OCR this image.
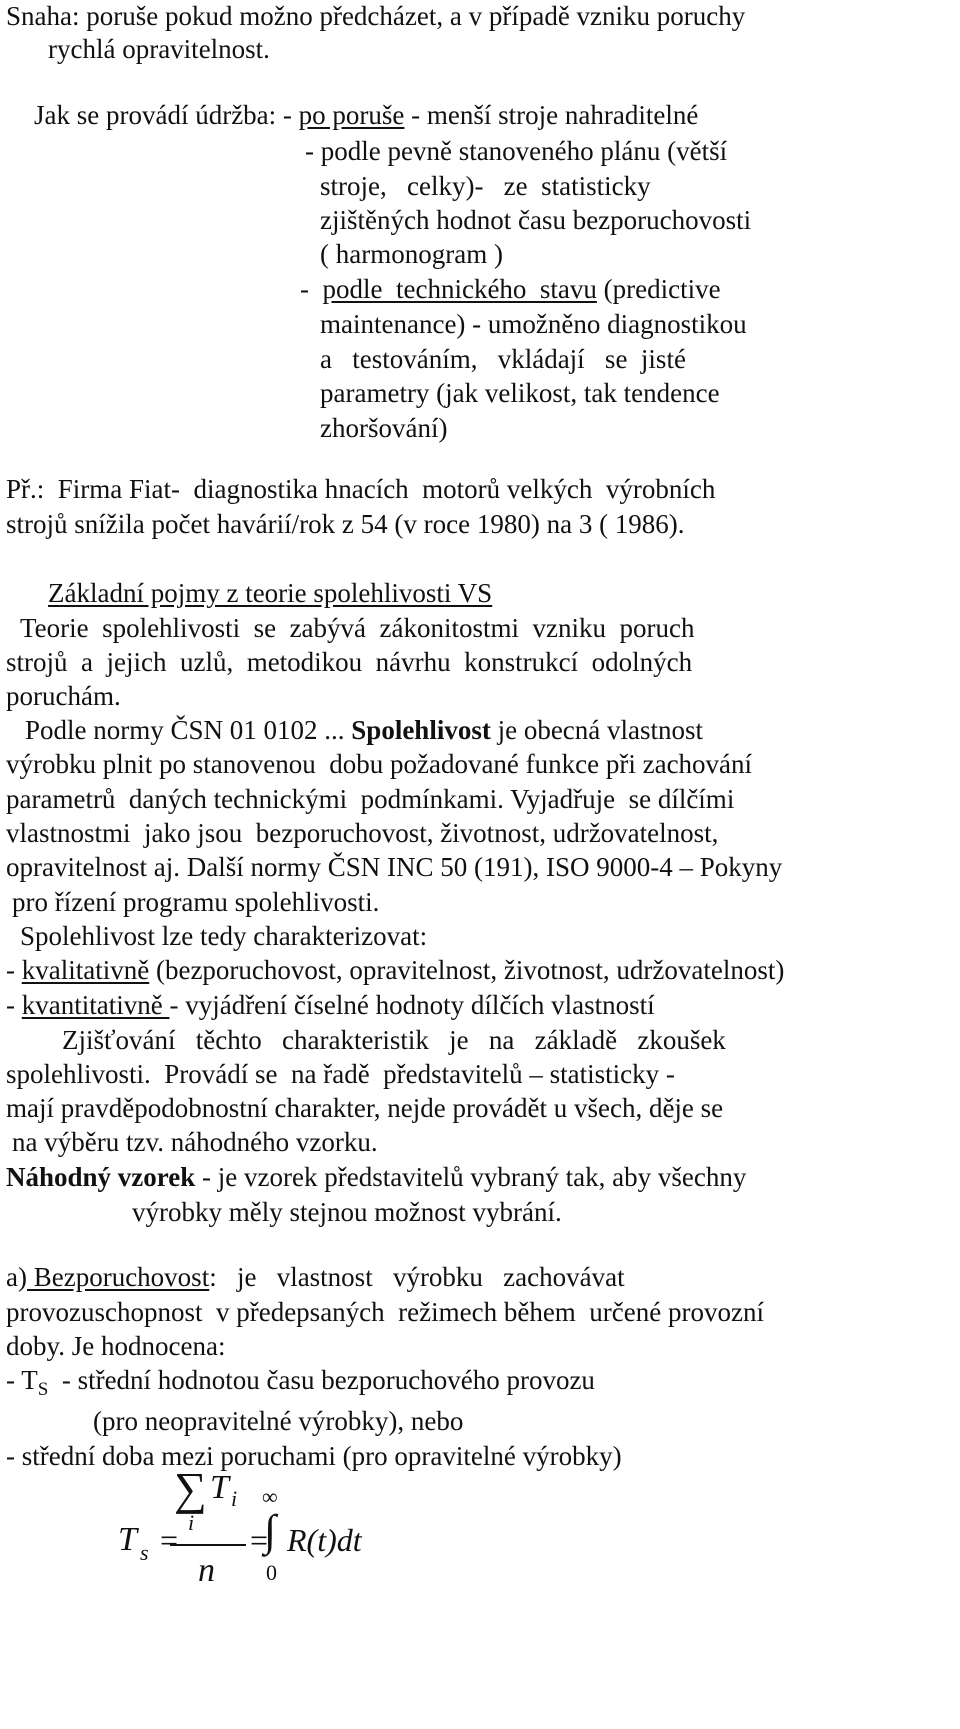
Snaha: poruše pokud možno předcházet, a v případě vzniku poruchy
rychlá opravitelnost.
Jak se provádí údržba: - po poruše - menší stroje nahraditelné
- podle pevně stanoveného plánu (větší
stroje,   celky)-   ze  statisticky
zjištěných hodnot času bezporuchovosti
( harmonogram )
-  podle  technického  stavu (predictive
maintenance) - umožněno diagnostikou
a   testováním,   vkládají   se  jisté
parametry (jak velikost, tak tendence
zhoršování)
Př.:  Firma Fiat-  diagnostika hnacích  motorů velkých  výrobních
strojů snížila počet havárií/rok z 54 (v roce 1980) na 3 ( 1986).
Základní pojmy z teorie spolehlivosti VS
Teorie  spolehlivosti  se  zabývá  zákonitostmi  vzniku  poruch
strojů  a  jejich  uzlů,  metodikou  návrhu  konstrukcí  odolných
poruchám.
Podle normy ČSN 01 0102 ... Spolehlivost je obecná vlastnost
výrobku plnit po stanovenou  dobu požadované funkce při zachování
parametrů  daných technickými  podmínkami. Vyjadřuje  se dílčími
vlastnostmi  jako jsou  bezporuchovost, životnost, udržovatelnost,
opravitelnost aj. Další normy ČSN INC 50 (191), ISO 9000-4 – Pokyny
pro řízení programu spolehlivosti.
Spolehlivost lze tedy charakterizovat:
- kvalitativně (bezporuchovost, opravitelnost, životnost, udržovatelnost)
- kvantitativně - vyjádření číselné hodnoty dílčích vlastností
Zjišťování   těchto   charakteristik   je   na   základě   zkoušek
spolehlivosti.  Provádí se  na řadě  představitelů – statisticky -
mají pravděpodobnostní charakter, nejde provádět u všech, děje se
na výběru tzv. náhodného vzorku.
Náhodný vzorek - je vzorek představitelů vybraný tak, aby všechny
výrobky měly stejnou možnost vybrání.
a) Bezporuchovost:   je   vlastnost   výrobku   zachovávat
provozuschopnost  v předepsaných  režimech během  určené provozní
doby. Je hodnocena:
- $T_S$  - střední hodnotou času bezporuchového provozu
(pro neopravitelné výrobky), nebo
- střední doba mezi poruchami (pro opravitelné výrobky)
∑ T i
i
n
T s = =
∞
∫
0
R(t)dt
